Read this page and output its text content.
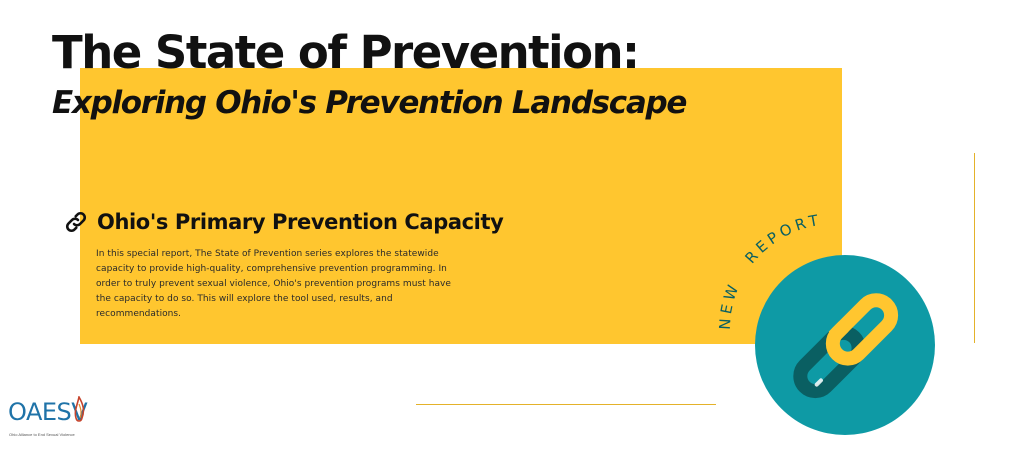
The State of Prevention:
Exploring Ohio's Prevention Landscape
Ohio's Primary Prevention Capacity

In this special report, The State of Prevention series explores the statewide capacity to provide high-quality, comprehensive prevention programming. In order to truly prevent sexual violence, Ohio's prevention programs must have the capacity to do so. This will explore the tool used, results, and recommendations.	NEW REPORT
OAESV
Ohio Alliance to End Sexual Violence
